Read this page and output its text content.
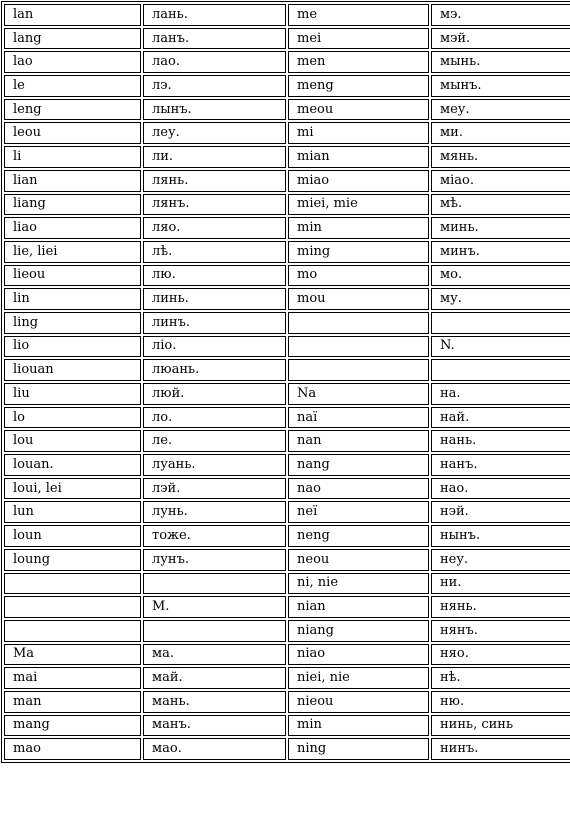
lan	лань.	me	мэ.
lang	ланъ.	mei	мэй.
lao	лао.	men	мынь.
le	лэ.	meng	мынъ.
leng	лынъ.	meou	меу.
leou	леу.	mi	ми.
li	ли.	mian	мянь.
lian	лянь.	miao	міао.
liang	лянъ.	miei, mie	мѣ.
liao	ляо.	min	минь.
lie, liei	лѣ.	ming	минъ.
lieou	лю.	mo	мо.
lin	линь.	mou	му.
ling	линъ.		
lio	ліо.		N.
liouan	люань.		
liu	люй.	Na	на.
lo	ло.	naï	най.
lou	ле.	nan	нань.
louan.	луань.	nang	нанъ.
loui, lei	лэй.	nao	нао.
lun	лунь.	neï	нэй.
loun	тоже.	neng	нынъ.
loung	лунъ.	neou	неу.
		ni, nie	ни.
	M.	nian	нянь.
		niang	нянъ.
Ma	ма.	niao	няо.
mai	май.	niei, nie	нѣ.
man	мань.	nieou	ню.
mang	манъ.	min	нинь, синь
mao	мао.	ning	нинъ.
